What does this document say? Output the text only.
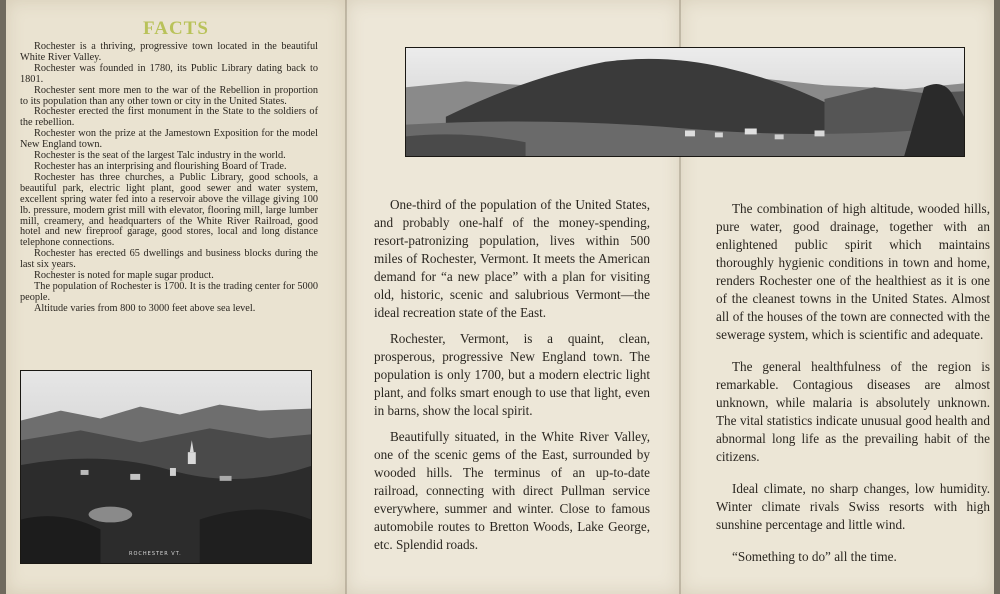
FACTS

Rochester is a thriving, progressive town located in the beautiful White River Valley.

Rochester was founded in 1780, its Public Library dating back to 1801.

Rochester sent more men to the war of the Rebellion in proportion to its population than any other town or city in the United States.

Rochester erected the first monument in the State to the soldiers of the rebellion.

Rochester won the prize at the Jamestown Exposition for the model New England town.

Rochester is the seat of the largest Talc industry in the world.

Rochester has an interprising and flourishing Board of Trade.

Rochester has three churches, a Public Library, good schools, a beautiful park, electric light plant, good sewer and water system, excellent spring water fed into a reservoir above the village giving 100 lb. pressure, modern grist mill with elevator, flooring mill, large lumber mill, creamery, and headquarters of the White River Railroad, good hotel and new fireproof garage, good stores, local and long distance telephone connections.

Rochester has erected 65 dwellings and business blocks during the last six years.

Rochester is noted for maple sugar product.

The population of Rochester is 1700. It is the trading center for 5000 people.

Altitude varies from 800 to 3000 feet above sea level.

ROCHESTER VT.

One-third of the population of the United States, and probably one-half of the money-spending, resort-patronizing population, lives within 500 miles of Rochester, Vermont. It meets the American demand for “a new place” with a plan for visiting old, historic, scenic and salubrious Vermont—the ideal recreation state of the East.

Rochester, Vermont, is a quaint, clean, prosperous, progressive New England town. The population is only 1700, but a modern electric light plant, and folks smart enough to use that light, even in barns, show the local spirit.

Beautifully situated, in the White River Valley, one of the scenic gems of the East, surrounded by wooded hills. The terminus of an up-to-date railroad, connecting with direct Pullman service everywhere, summer and winter. Close to famous automobile routes to Bretton Woods, Lake George, etc. Splendid roads.

The combination of high altitude, wooded hills, pure water, good drainage, together with an enlightened public spirit which maintains thoroughly hygienic conditions in town and home, renders Rochester one of the healthiest as it is one of the cleanest towns in the United States. Almost all of the houses of the town are connected with the sewerage system, which is scientific and adequate.

The general healthfulness of the region is remarkable. Contagious diseases are almost unknown, while malaria is absolutely unknown. The vital statistics indicate unusual good health and abnormal long life as the prevailing habit of the citizens.

Ideal climate, no sharp changes, low humidity. Winter climate rivals Swiss resorts with high sunshine percentage and little wind.

“Something to do” all the time.
